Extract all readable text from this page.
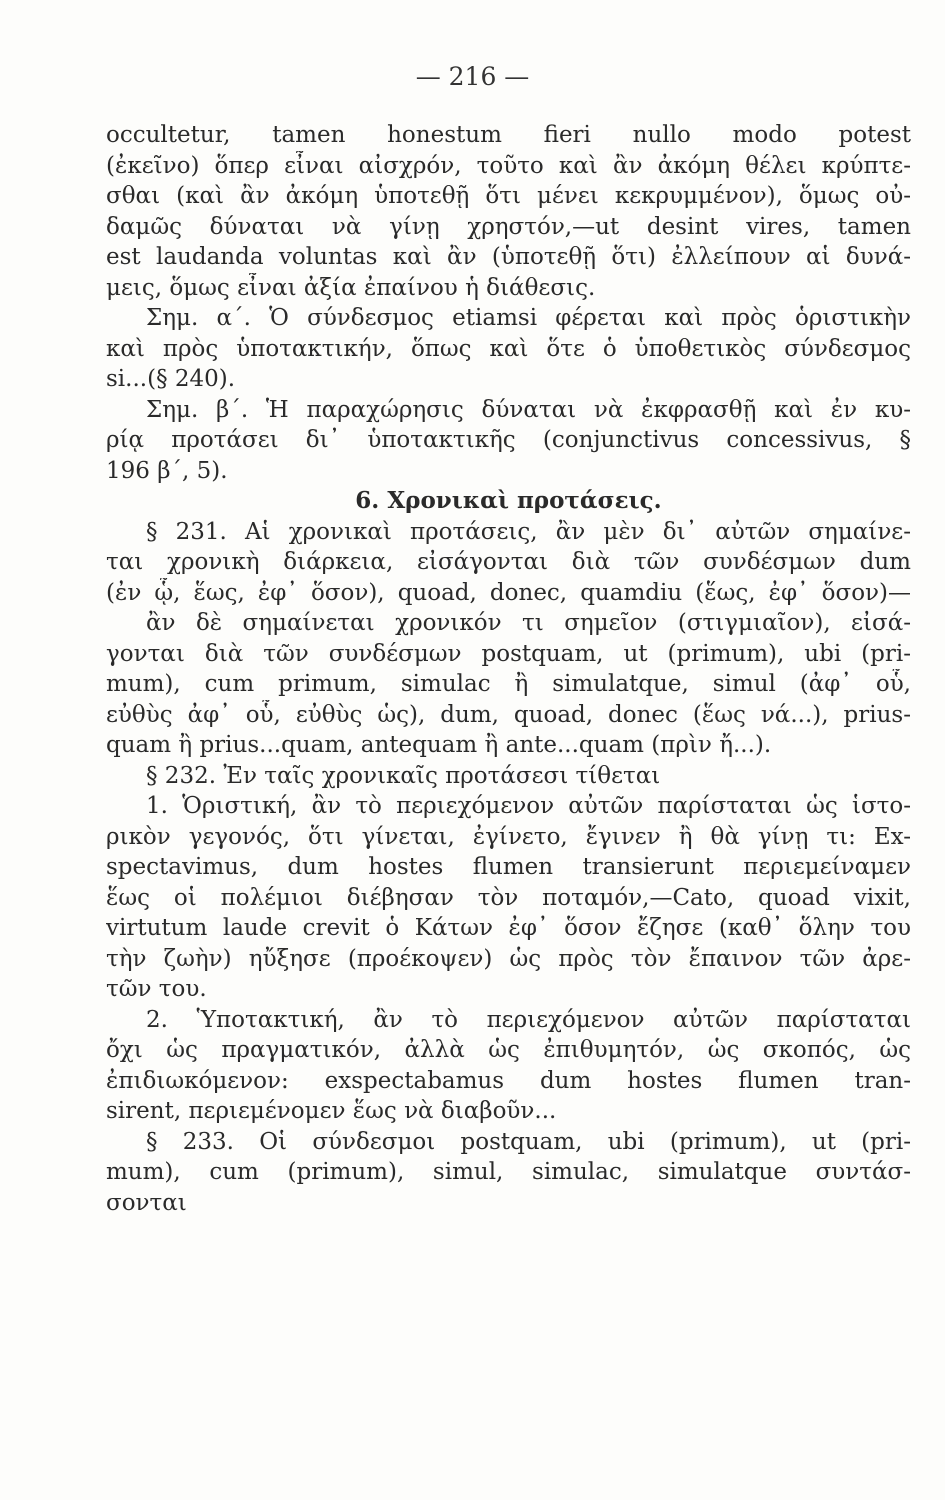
— 216 —
occultetur, tamen honestum fieri nullo modo potest
(ἐκεῖνο) ὅπερ εἶναι αἰσχρόν, τοῦτο καὶ ἂν ἀκόμη θέλει κρύπτε-
σθαι (καὶ ἂν ἀκόμη ὑποτεθῇ ὅτι μένει κεκρυμμένον), ὅμως οὐ-
δαμῶς δύναται νὰ γίνῃ χρηστόν,—ut desint vires, tamen
est laudanda voluntas καὶ ἂν (ὑποτεθῇ ὅτι) ἐλλείπουν αἱ δυνά-
μεις, ὅμως εἶναι ἀξία ἐπαίνου ἡ διάθεσις.
Σημ. α΄. Ὁ σύνδεσμος etiamsi φέρεται καὶ πρὸς ὁριστικὴν
καὶ πρὸς ὑποτακτικήν, ὅπως καὶ ὅτε ὁ ὑποθετικὸς σύνδεσμος
si...(§ 240).
Σημ. β΄. Ἡ παραχώρησις δύναται νὰ ἐκφρασθῇ καὶ ἐν κυ-
ρίᾳ προτάσει δι᾿ ὑποτακτικῆς (conjunctivus concessivus, §
196 β΄, 5).
6. Χρονικαὶ προτάσεις.
§ 231. Αἱ χρονικαὶ προτάσεις, ἂν μὲν δι᾿ αὐτῶν σημαίνε-
ται χρονικὴ διάρκεια, εἰσάγονται διὰ τῶν συνδέσμων dum
(ἐν ᾧ, ἕως, ἐφ᾿ ὅσον), quoad, donec, quamdiu (ἕως, ἐφ᾿ ὅσον)—
ἂν δὲ σημαίνεται χρονικόν τι σημεῖον (στιγμιαῖον), εἰσά-
γονται διὰ τῶν συνδέσμων postquam, ut (primum), ubi (pri-
mum), cum primum, simulac ἢ simulatque, simul (ἀφ᾿ οὗ,
εὐθὺς ἀφ᾿ οὗ, εὐθὺς ὡς), dum, quoad, donec (ἕως νά...), prius-
quam ἢ prius...quam, antequam ἢ ante...quam (πρὶν ἤ...).
§ 232. Ἐν ταῖς χρονικαῖς προτάσεσι τίθεται
1. Ὁριστική, ἂν τὸ περιεχόμενον αὐτῶν παρίσταται ὡς ἱστο-
ρικὸν γεγονός, ὅτι γίνεται, ἐγίνετο, ἔγινεν ἢ θὰ γίνῃ τι: Ex-
spectavimus, dum hostes flumen transierunt περιεμείναμεν
ἕως οἱ πολέμιοι διέβησαν τὸν ποταμόν,—Cato, quoad vixit,
virtutum laude crevit ὁ Κάτων ἐφ᾿ ὅσον ἔζησε (καθ᾿ ὅλην του
τὴν ζωὴν) ηὔξησε (προέκοψεν) ὡς πρὸς τὸν ἔπαινον τῶν ἀρε-
τῶν του.
2. Ὑποτακτική, ἂν τὸ περιεχόμενον αὐτῶν παρίσταται
ὄχι ὡς πραγματικόν, ἀλλὰ ὡς ἐπιθυμητόν, ὡς σκοπός, ὡς
ἐπιδιωκόμενον: exspectabamus dum hostes flumen tran-
sirent, περιεμένομεν ἕως νὰ διαβοῦν...
§ 233. Οἱ σύνδεσμοι postquam, ubi (primum), ut (pri-
mum), cum (primum), simul, simulac, simulatque συντάσ-
σονται
